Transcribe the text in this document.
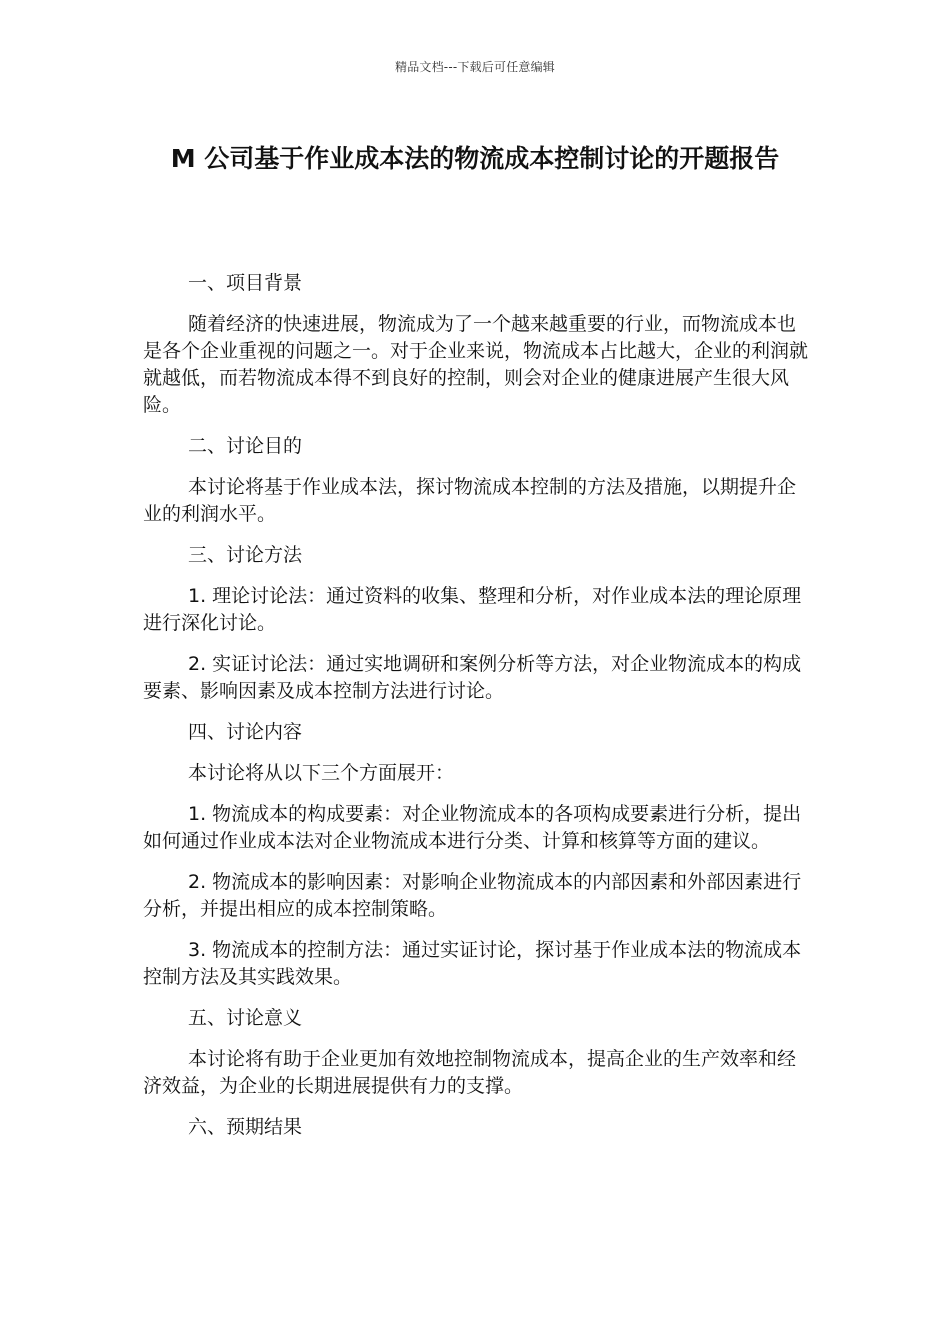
精品文档---下载后可任意编辑
M 公司基于作业成本法的物流成本控制讨论的开题报告
一、项目背景
随着经济的快速进展，物流成为了一个越来越重要的行业，而物流成本也是各个企业重视的问题之一。对于企业来说，物流成本占比越大，企业的利润就就越低，而若物流成本得不到良好的控制，则会对企业的健康进展产生很大风险。
二、讨论目的
本讨论将基于作业成本法，探讨物流成本控制的方法及措施，以期提升企业的利润水平。
三、讨论方法
1. 理论讨论法：通过资料的收集、整理和分析，对作业成本法的理论原理进行深化讨论。
2. 实证讨论法：通过实地调研和案例分析等方法，对企业物流成本的构成要素、影响因素及成本控制方法进行讨论。
四、讨论内容
本讨论将从以下三个方面展开：
1. 物流成本的构成要素：对企业物流成本的各项构成要素进行分析，提出如何通过作业成本法对企业物流成本进行分类、计算和核算等方面的建议。
2. 物流成本的影响因素：对影响企业物流成本的内部因素和外部因素进行分析，并提出相应的成本控制策略。
3. 物流成本的控制方法：通过实证讨论，探讨基于作业成本法的物流成本控制方法及其实践效果。
五、讨论意义
本讨论将有助于企业更加有效地控制物流成本，提高企业的生产效率和经济效益，为企业的长期进展提供有力的支撑。
六、预期结果
